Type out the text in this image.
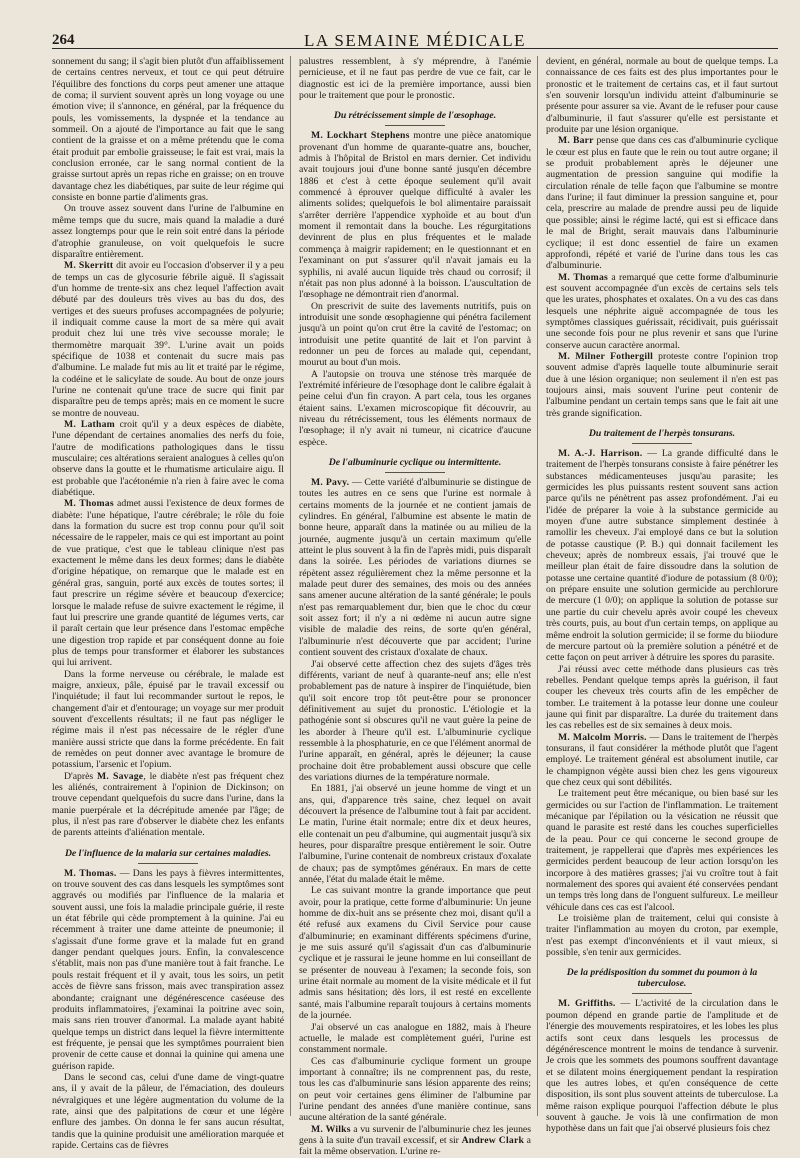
264	LA SEMAINE MÉDICALE

sonnement du sang; il s'agit bien plutôt d'un affaiblissement de certains centres nerveux, et tout ce qui peut détruire l'équilibre des fonctions du corps peut amener une attaque de coma; il survient souvent après un long voyage ou une émotion vive; il s'annonce, en général, par la fréquence du pouls, les vomissements, la dyspnée et la tendance au sommeil. On a ajouté de l'importance au fait que le sang contient de la graisse et on a même prétendu que le coma était produit par embolie graisseuse; le fait est vrai, mais la conclusion erronée, car le sang normal contient de la graisse surtout après un repas riche en graisse; on en trouve davantage chez les diabétiques, par suite de leur régime qui consiste en bonne partie d'aliments gras.

On trouve assez souvent dans l'urine de l'albumine en même temps que du sucre, mais quand la maladie a duré assez longtemps pour que le rein soit entré dans la période d'atrophie granuleuse, on voit quelquefois le sucre disparaître entièrement.

M. Skerritt dit avoir eu l'occasion d'observer il y a peu de temps un cas de glycosurie fébrile aiguë. Il s'agissait d'un homme de trente-six ans chez lequel l'affection avait débuté par des douleurs très vives au bas du dos, des vertiges et des sueurs profuses accompagnées de polyurie; il indiquait comme cause la mort de sa mère qui avait produit chez lui une très vive secousse morale; le thermomètre marquait 39°. L'urine avait un poids spécifique de 1038 et contenait du sucre mais pas d'albumine. Le malade fut mis au lit et traité par le régime, la codéine et le salicylate de soude. Au bout de onze jours l'urine ne contenait qu'une trace de sucre qui finit par disparaître peu de temps après; mais en ce moment le sucre se montre de nouveau.

M. Latham croit qu'il y a deux espèces de diabète, l'une dépendant de certaines anomalies des nerfs du foie, l'autre de modifications pathologiques dans le tissu musculaire; ces altérations seraient analogues à celles qu'on observe dans la goutte et le rhumatisme articulaire aigu. Il est probable que l'acétonémie n'a rien à faire avec le coma diabétique.

M. Thomas admet aussi l'existence de deux formes de diabète: l'une hépatique, l'autre cérébrale; le rôle du foie dans la formation du sucre est trop connu pour qu'il soit nécessaire de le rappeler, mais ce qui est important au point de vue pratique, c'est que le tableau clinique n'est pas exactement le même dans les deux formes; dans le diabète d'origine hépatique, on remarque que le malade est en général gras, sanguin, porté aux excès de toutes sortes; il faut prescrire un régime sévère et beaucoup d'exercice; lorsque le malade refuse de suivre exactement le régime, il faut lui prescrire une grande quantité de légumes verts, car il paraît certain que leur présence dans l'estomac empêche une digestion trop rapide et par conséquent donne au foie plus de temps pour transformer et élaborer les substances qui lui arrivent.

Dans la forme nerveuse ou cérébrale, le malade est maigre, anxieux, pâle, épuisé par le travail excessif ou l'inquiétude; il faut lui recommander surtout le repos, le changement d'air et d'entourage; un voyage sur mer produit souvent d'excellents résultats; il ne faut pas négliger le régime mais il n'est pas nécessaire de le régler d'une manière aussi stricte que dans la forme précédente. En fait de remèdes on peut donner avec avantage le bromure de potassium, l'arsenic et l'opium.

D'après M. Savage, le diabète n'est pas fréquent chez les aliénés, contrairement à l'opinion de Dickinson; on trouve cependant quelquefois du sucre dans l'urine, dans la manie puerpérale et la décrépitude amenée par l'âge; de plus, il n'est pas rare d'observer le diabète chez les enfants de parents atteints d'aliénation mentale.

De l'influence de la malaria sur certaines maladies.

M. Thomas. — Dans les pays à fièvres intermittentes, on trouve souvent des cas dans lesquels les symptômes sont aggravés ou modifiés par l'influence de la malaria et souvent aussi, une fois la maladie principale guérie, il reste un état fébrile qui cède promptement à la quinine. J'ai eu récemment à traiter une dame atteinte de pneumonie; il s'agissait d'une forme grave et la malade fut en grand danger pendant quelques jours. Enfin, la convalescence s'établit, mais non pas d'une manière tout à fait franche. Le pouls restait fréquent et il y avait, tous les soirs, un petit accès de fièvre sans frisson, mais avec transpiration assez abondante; craignant une dégénérescence caséeuse des produits inflammatoires, j'examinai la poitrine avec soin, mais sans rien trouver d'anormal. La malade ayant habité quelque temps un district dans lequel la fièvre intermittente est fréquente, je pensai que les symptômes pourraient bien provenir de cette cause et donnai la quinine qui amena une guérison rapide.

Dans le second cas, celui d'une dame de vingt-quatre ans, il y avait de la pâleur, de l'émaciation, des douleurs névralgiques et une légère augmentation du volume de la rate, ainsi que des palpitations de cœur et une légère enflure des jambes. On donna le fer sans aucun résultat, tandis que la quinine produisit une amélioration marquée et rapide. Certains cas de fièvres

palustres ressemblent, à s'y méprendre, à l'anémie pernicieuse, et il ne faut pas perdre de vue ce fait, car le diagnostic est ici de la première importance, aussi bien pour le traitement que pour le pronostic.

Du rétrécissement simple de l'œsophage.

M. Lockhart Stephens montre une pièce anatomique provenant d'un homme de quarante-quatre ans, boucher, admis à l'hôpital de Bristol en mars dernier. Cet individu avait toujours joui d'une bonne santé jusqu'en décembre 1886 et c'est à cette époque seulement qu'il avait commencé à éprouver quelque difficulté à avaler les aliments solides; quelquefois le bol alimentaire paraissait s'arrêter derrière l'appendice xyphoïde et au bout d'un moment il remontait dans la bouche. Les régurgitations devinrent de plus en plus fréquentes et le malade commença à maigrir rapidement; en le questionnant et en l'examinant on put s'assurer qu'il n'avait jamais eu la syphilis, ni avalé aucun liquide très chaud ou corrosif; il n'était pas non plus adonné à la boisson. L'auscultation de l'œsophage ne démontrait rien d'anormal.

On prescrivit de suite des lavements nutritifs, puis on introduisit une sonde œsophagienne qui pénétra facilement jusqu'à un point qu'on crut être la cavité de l'estomac; on introduisit une petite quantité de lait et l'on parvint à redonner un peu de forces au malade qui, cependant, mourut au bout d'un mois.

A l'autopsie on trouva une sténose très marquée de l'extrémité inférieure de l'œsophage dont le calibre égalait à peine celui d'un fin crayon. A part cela, tous les organes étaient sains. L'examen microscopique fit découvrir, au niveau du rétrécissement, tous les éléments normaux de l'œsophage; il n'y avait ni tumeur, ni cicatrice d'aucune espèce.

De l'albuminurie cyclique ou intermittente.

M. Pavy. — Cette variété d'albuminurie se distingue de toutes les autres en ce sens que l'urine est normale à certains moments de la journée et ne contient jamais de cylindres. En général, l'albumine est absente le matin de bonne heure, apparaît dans la matinée ou au milieu de la journée, augmente jusqu'à un certain maximum qu'elle atteint le plus souvent à la fin de l'après midi, puis disparaît dans la soirée. Les périodes de variations diurnes se répètent assez régulièrement chez la même personne et la malade peut durer des semaines, des mois ou des années sans amener aucune altération de la santé générale; le pouls n'est pas remarquablement dur, bien que le choc du cœur soit assez fort; il n'y a ni œdème ni aucun autre signe visible de maladie des reins, de sorte qu'en général, l'albuminurie n'est découverte que par accident; l'urine contient souvent des cristaux d'oxalate de chaux.

J'ai observé cette affection chez des sujets d'âges très différents, variant de neuf à quarante-neuf ans; elle n'est probablement pas de nature à inspirer de l'inquiétude, bien qu'il soit encore trop tôt peut-être pour se prononcer définitivement au sujet du pronostic. L'étiologie et la pathogénie sont si obscures qu'il ne vaut guère la peine de les aborder à l'heure qu'il est. L'albuminurie cyclique ressemble à la phosphaturie, en ce que l'élément anormal de l'urine apparaît, en général, après le déjeuner; la cause prochaine doit être probablement aussi obscure que celle des variations diurnes de la température normale.

En 1881, j'ai observé un jeune homme de vingt et un ans, qui, d'apparence très saine, chez lequel on avait découvert la présence de l'albumine tout à fait par accident. Le matin, l'urine était normale; entre dix et deux heures, elle contenait un peu d'albumine, qui augmentait jusqu'à six heures, pour disparaître presque entièrement le soir. Outre l'albumine, l'urine contenait de nombreux cristaux d'oxalate de chaux; pas de symptômes généraux. En mars de cette année, l'état du malade était le même.

Le cas suivant montre la grande importance que peut avoir, pour la pratique, cette forme d'albuminurie: Un jeune homme de dix-huit ans se présente chez moi, disant qu'il a été refusé aux examens du Civil Service pour cause d'albuminurie; en examinant différents spécimens d'urine, je me suis assuré qu'il s'agissait d'un cas d'albuminurie cyclique et je rassurai le jeune homme en lui conseillant de se présenter de nouveau à l'examen; la seconde fois, son urine était normale au moment de la visite médicale et il fut admis sans hésitation; dès lors, il est resté en excellente santé, mais l'albumine reparaît toujours à certains moments de la journée.

J'ai observé un cas analogue en 1882, mais à l'heure actuelle, le malade est complètement guéri, l'urine est constamment normale.

Ces cas d'albuminurie cyclique forment un groupe important à connaître; ils ne comprennent pas, du reste, tous les cas d'albuminurie sans lésion apparente des reins; on peut voir certaines gens éliminer de l'albumine par l'urine pendant des années d'une manière continue, sans aucune altération de la santé générale.

M. Wilks a vu survenir de l'albuminurie chez les jeunes gens à la suite d'un travail excessif, et sir Andrew Clark a fait la même observation. L'urine re-

devient, en général, normale au bout de quelque temps. La connaissance de ces faits est des plus importantes pour le pronostic et le traitement de certains cas, et il faut surtout s'en souvenir lorsqu'un individu atteint d'albuminurie se présente pour assurer sa vie. Avant de le refuser pour cause d'albuminurie, il faut s'assurer qu'elle est persistante et produite par une lésion organique.

M. Barr pense que dans ces cas d'albuminurie cyclique le cœur est plus en faute que le rein ou tout autre organe; il se produit probablement après le déjeuner une augmentation de pression sanguine qui modifie la circulation rénale de telle façon que l'albumine se montre dans l'urine; il faut diminuer la pression sanguine et, pour cela, prescrire au malade de prendre aussi peu de liquide que possible; ainsi le régime lacté, qui est si efficace dans le mal de Bright, serait mauvais dans l'albuminurie cyclique; il est donc essentiel de faire un examen approfondi, répété et varié de l'urine dans tous les cas d'albuminurie.

M. Thomas a remarqué que cette forme d'albuminurie est souvent accompagnée d'un excès de certains sels tels que les urates, phosphates et oxalates. On a vu des cas dans lesquels une néphrite aiguë accompagnée de tous les symptômes classiques guérissait, récidivait, puis guérissait une seconde fois pour ne plus revenir et sans que l'urine conserve aucun caractère anormal.

M. Milner Fothergill proteste contre l'opinion trop souvent admise d'après laquelle toute albuminurie serait due à une lésion organique; non seulement il n'en est pas toujours ainsi, mais souvent l'urine peut contenir de l'albumine pendant un certain temps sans que le fait ait une très grande signification.

Du traitement de l'herpès tonsurans.

M. A.-J. Harrison. — La grande difficulté dans le traitement de l'herpès tonsurans consiste à faire pénétrer les substances médicamenteuses jusqu'au parasite; les germicides les plus puissants restent souvent sans action parce qu'ils ne pénètrent pas assez profondément. J'ai eu l'idée de préparer la voie à la substance germicide au moyen d'une autre substance simplement destinée à ramollir les cheveux. J'ai employé dans ce but la solution de potasse caustique (P. B.) qui donnait facilement les cheveux; après de nombreux essais, j'ai trouvé que le meilleur plan était de faire dissoudre dans la solution de potasse une certaine quantité d'iodure de potassium (8 0/0); on prépare ensuite une solution germicide au perchlorure de mercure (1 0/0); on applique la solution de potasse sur une partie du cuir chevelu après avoir coupé les cheveux très courts, puis, au bout d'un certain temps, on applique au même endroit la solution germicide; il se forme du biiodure de mercure partout où la première solution a pénétré et de cette façon on peut arriver à détruire les spores du parasite.

J'ai réussi avec cette méthode dans plusieurs cas très rebelles. Pendant quelque temps après la guérison, il faut couper les cheveux très courts afin de les empêcher de tomber. Le traitement à la potasse leur donne une couleur jaune qui finit par disparaître. La durée du traitement dans les cas rebelles est de six semaines à deux mois.

M. Malcolm Morris. — Dans le traitement de l'herpès tonsurans, il faut considérer la méthode plutôt que l'agent employé. Le traitement général est absolument inutile, car le champignon végète aussi bien chez les gens vigoureux que chez ceux qui sont débilités.

Le traitement peut être mécanique, ou bien basé sur les germicides ou sur l'action de l'inflammation. Le traitement mécanique par l'épilation ou la vésication ne réussit que quand le parasite est resté dans les couches superficielles de la peau. Pour ce qui concerne le second groupe de traitement, je rappellerai que d'après mes expériences les germicides perdent beaucoup de leur action lorsqu'on les incorpore à des matières grasses; j'ai vu croître tout à fait normalement des spores qui avaient été conservées pendant un temps très long dans de l'onguent sulfureux. Le meilleur véhicule dans ces cas est l'alcool.

Le troisième plan de traitement, celui qui consiste à traiter l'inflammation au moyen du croton, par exemple, n'est pas exempt d'inconvénients et il vaut mieux, si possible, s'en tenir aux germicides.

De la prédisposition du sommet du poumon à la tuberculose.

M. Griffiths. — L'activité de la circulation dans le poumon dépend en grande partie de l'amplitude et de l'énergie des mouvements respiratoires, et les lobes les plus actifs sont ceux dans lesquels les processus de dégénérescence montrent le moins de tendance à survenir. Je crois que les sommets des poumons souffrent davantage et se dilatent moins énergiquement pendant la respiration que les autres lobes, et qu'en conséquence de cette disposition, ils sont plus souvent atteints de tuberculose. La même raison explique pourquoi l'affection débute le plus souvent à gauche. Je vois là une confirmation de mon hypothèse dans un fait que j'ai observé plusieurs fois chez
